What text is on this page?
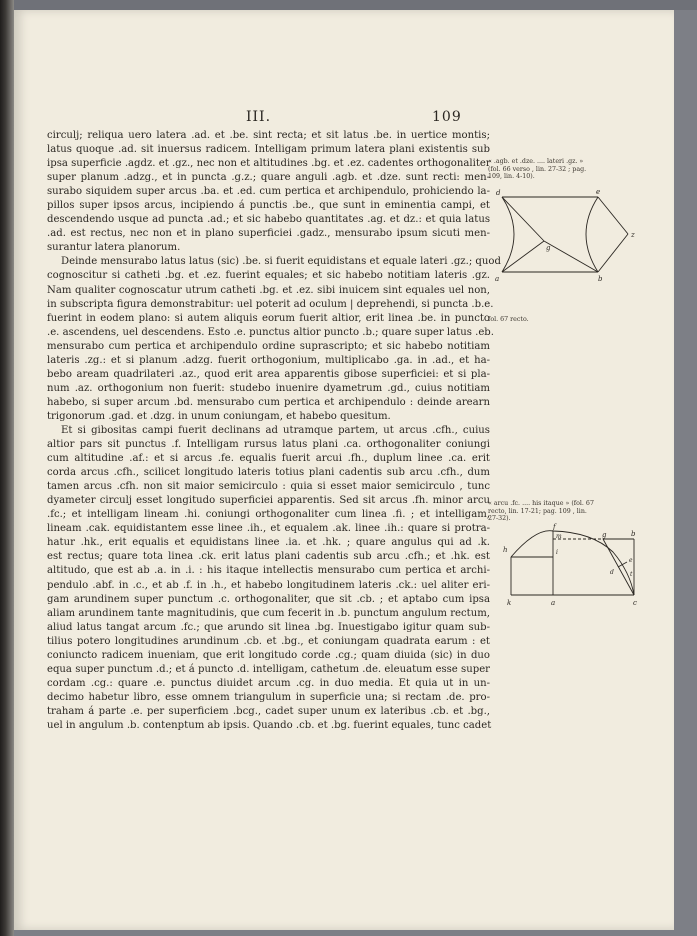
III.	109
circulj; reliqua uero latera .ad. et .be. sint recta; et sit latus .be. in uertice montis;
latus quoque .ad. sit inuersus radicem. Intelligam primum latera plani existentis sub
ipsa superficie .agdz. et .gz., nec non et altitudines .bg. et .ez. cadentes orthogonaliter
super planum .adzg., et in puncta .g.z.; quare anguli .agb. et .dze. sunt recti: men-
surabo siquidem super arcus .ba. et .ed. cum pertica et archipendulo, prohiciendo la-
pillos super ipsos arcus, incipiendo á punctis .be., que sunt in eminentia campi, et
descendendo usque ad puncta .ad.; et sic habebo quantitates .ag. et dz.: et quia latus
.ad. est rectus, nec non et in plano superficiei .gadz., mensurabo ipsum sicuti men-
surantur latera planorum.
Deinde mensurabo latus latus (sic) .be. si fuerit equidistans et equale lateri .gz.; quod
cognoscitur si catheti .bg. et .ez. fuerint equales; et sic habebo notitiam lateris .gz.
Nam qualiter cognoscatur utrum catheti .bg. et .ez. sibi inuicem sint equales uel non,
in subscripta figura demonstrabitur: uel poterit ad oculum | deprehendi, si puncta .b.e.
fuerint in eodem plano: si autem aliquis eorum fuerit altior, erit linea .be. in puncto
.e. ascendens, uel descendens. Esto .e. punctus altior puncto .b.; quare super latus .eb.
mensurabo cum pertica et archipendulo ordine suprascripto; et sic habebo notitiam
lateris .zg.: et si planum .adzg. fuerit orthogonium, multiplicabo .ga. in .ad., et ha-
bebo aream quadrilateri .az., quod erit area apparentis gibose superficiei: et si pla-
num .az. orthogonium non fuerit: studebo inuenire dyametrum .gd., cuius notitiam
habebo, si super arcum .bd. mensurabo cum pertica et archipendulo : deinde arearn
trigonorum .gad. et .dzg. in unum coniungam, et habebo quesitum.
Et si gibositas campi fuerit declinans ad utramque partem, ut arcus .cfh., cuius
altior pars sit punctus .f. Intelligam rursus latus plani .ca. orthogonaliter coniungi
cum altitudine .af.: et si arcus .fe. equalis fuerit arcui .fh., duplum linee .ca. erit
corda arcus .cfh., scilicet longitudo lateris totius plani cadentis sub arcu .cfh., dum
tamen arcus .cfh. non sit maior semicirculo : quia si esset maior semicirculo , tunc
dyameter circulj esset longitudo superficiei apparentis. Sed sit arcus .fh. minor arcu
.fc.; et intelligam lineam .hi. coniungi orthogonaliter cum linea .fi. ; et intelligam,
lineam .cak. equidistantem esse linee .ih., et equalem .ak. linee .ih.: quare si protra-
hatur .hk., erit equalis et equidistans linee .ia. et .hk. ; quare angulus qui ad .k.
est rectus; quare tota linea .ck. erit latus plani cadentis sub arcu .cfh.; et .hk. est
altitudo, que est ab .a. in .i. : his itaque intellectis mensurabo cum pertica et archi-
pendulo .abf. in .c., et ab .f. in .h., et habebo longitudinem lateris .ck.: uel aliter eri-
gam arundinem super punctum .c. orthogonaliter, que sit .cb. ; et aptabo cum ipsa
aliam arundinem tante magnitudinis, que cum fecerit in .b. punctum angulum rectum,
aliud latus tangat arcum .fc.; que arundo sit linea .bg. Inuestigabo igitur quam sub-
tilius potero longitudines arundinum .cb. et .bg., et coniungam quadrata earum : et
coniuncto radicem inueniam, que erit longitudo corde .cg.; quam diuida (sic) in duo
equa super punctum .d.; et á puncto .d. intelligam, cathetum .de. eleuatum esse super
cordam .cg.: quare .e. punctus diuidet arcum .cg. in duo media. Et quia ut in un-
decimo habetur libro, esse omnem triangulum in superficie una; si rectam .de. pro-
traham á parte .e. per superficiem .bcg., cadet super unum ex lateribus .cb. et .bg.,
uel in angulum .b. contenptum ab ipsis. Quando .cb. et .bg. fuerint equales, tunc cadet
« .agb. et .dze. .... lateri .gz. »
(fol. 66 verso , lin. 27-32 ; pag.
109, lin. 4-10).
d	e
g
z
a	b
fol. 67 recto.
« arcu .fc. .... his itaque » (fol. 67
recto, lin. 17-21; pag. 109 , lin.
27-32).
f
m	g	b
h	i
e
d	t
k	a	c
